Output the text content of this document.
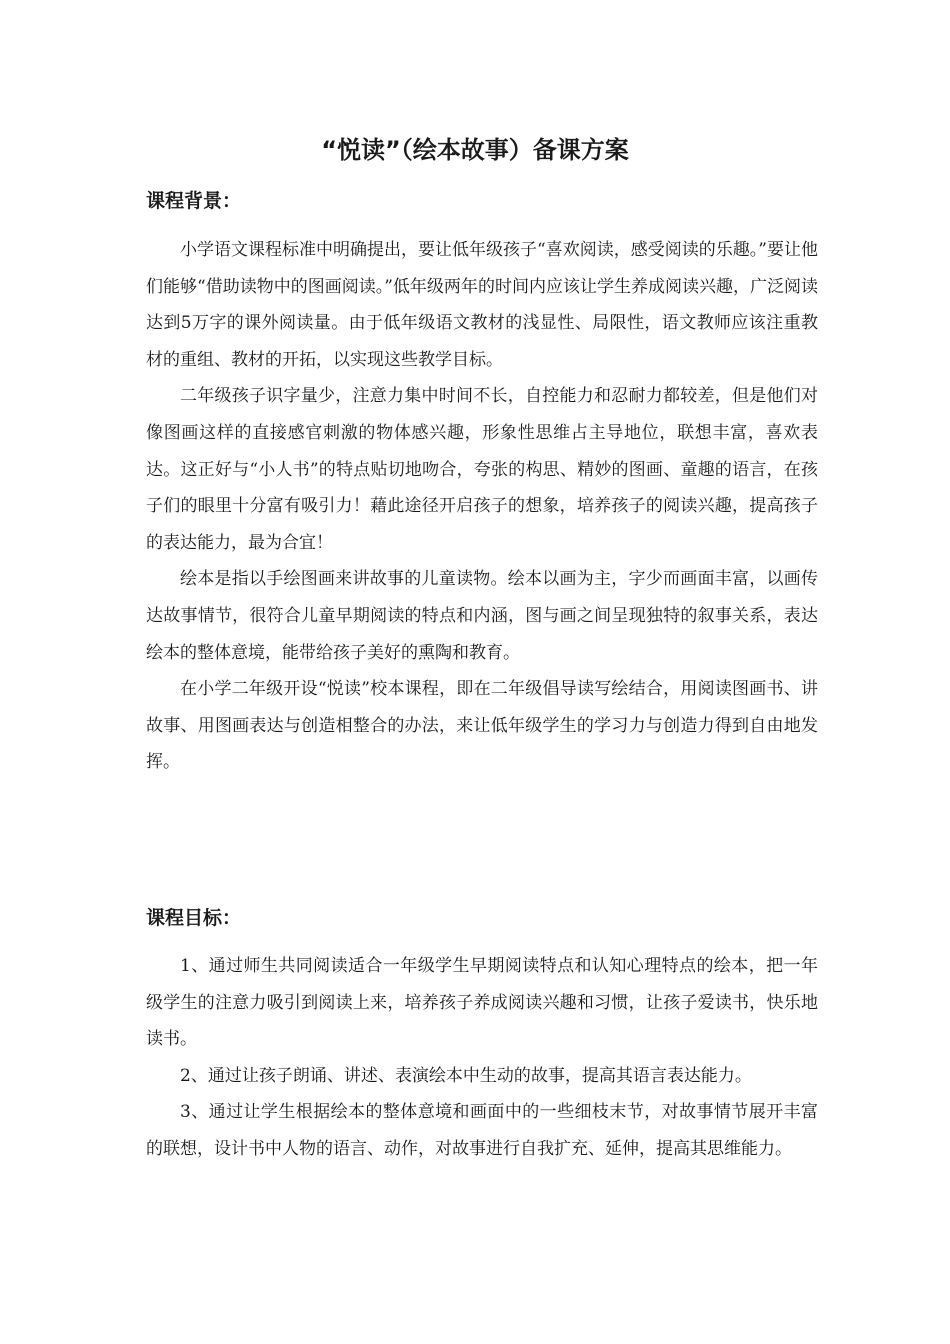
“悦读”（绘本故事）备课方案
课程背景：

小学语文课程标准中明确提出，要让低年级孩子“喜欢阅读，感受阅读的乐趣。”要让他们能够“借助读物中的图画阅读。”低年级两年的时间内应该让学生养成阅读兴趣，广泛阅读达到5万字的课外阅读量。由于低年级语文教材的浅显性、局限性，语文教师应该注重教材的重组、教材的开拓，以实现这些教学目标。

二年级孩子识字量少，注意力集中时间不长，自控能力和忍耐力都较差，但是他们对像图画这样的直接感官刺激的物体感兴趣，形象性思维占主导地位，联想丰富，喜欢表达。这正好与“小人书”的特点贴切地吻合，夸张的构思、精妙的图画、童趣的语言，在孩子们的眼里十分富有吸引力！藉此途径开启孩子的想象，培养孩子的阅读兴趣，提高孩子的表达能力，最为合宜！

绘本是指以手绘图画来讲故事的儿童读物。绘本以画为主，字少而画面丰富，以画传达故事情节，很符合儿童早期阅读的特点和内涵，图与画之间呈现独特的叙事关系，表达绘本的整体意境，能带给孩子美好的熏陶和教育。

在小学二年级开设“悦读”校本课程，即在二年级倡导读写绘结合，用阅读图画书、讲故事、用图画表达与创造相整合的办法，来让低年级学生的学习力与创造力得到自由地发挥。

课程目标：

1、通过师生共同阅读适合一年级学生早期阅读特点和认知心理特点的绘本，把一年级学生的注意力吸引到阅读上来，培养孩子养成阅读兴趣和习惯，让孩子爱读书，快乐地读书。

2、通过让孩子朗诵、讲述、表演绘本中生动的故事，提高其语言表达能力。

3、通过让学生根据绘本的整体意境和画面中的一些细枝末节，对故事情节展开丰富的联想，设计书中人物的语言、动作，对故事进行自我扩充、延伸，提高其思维能力。
